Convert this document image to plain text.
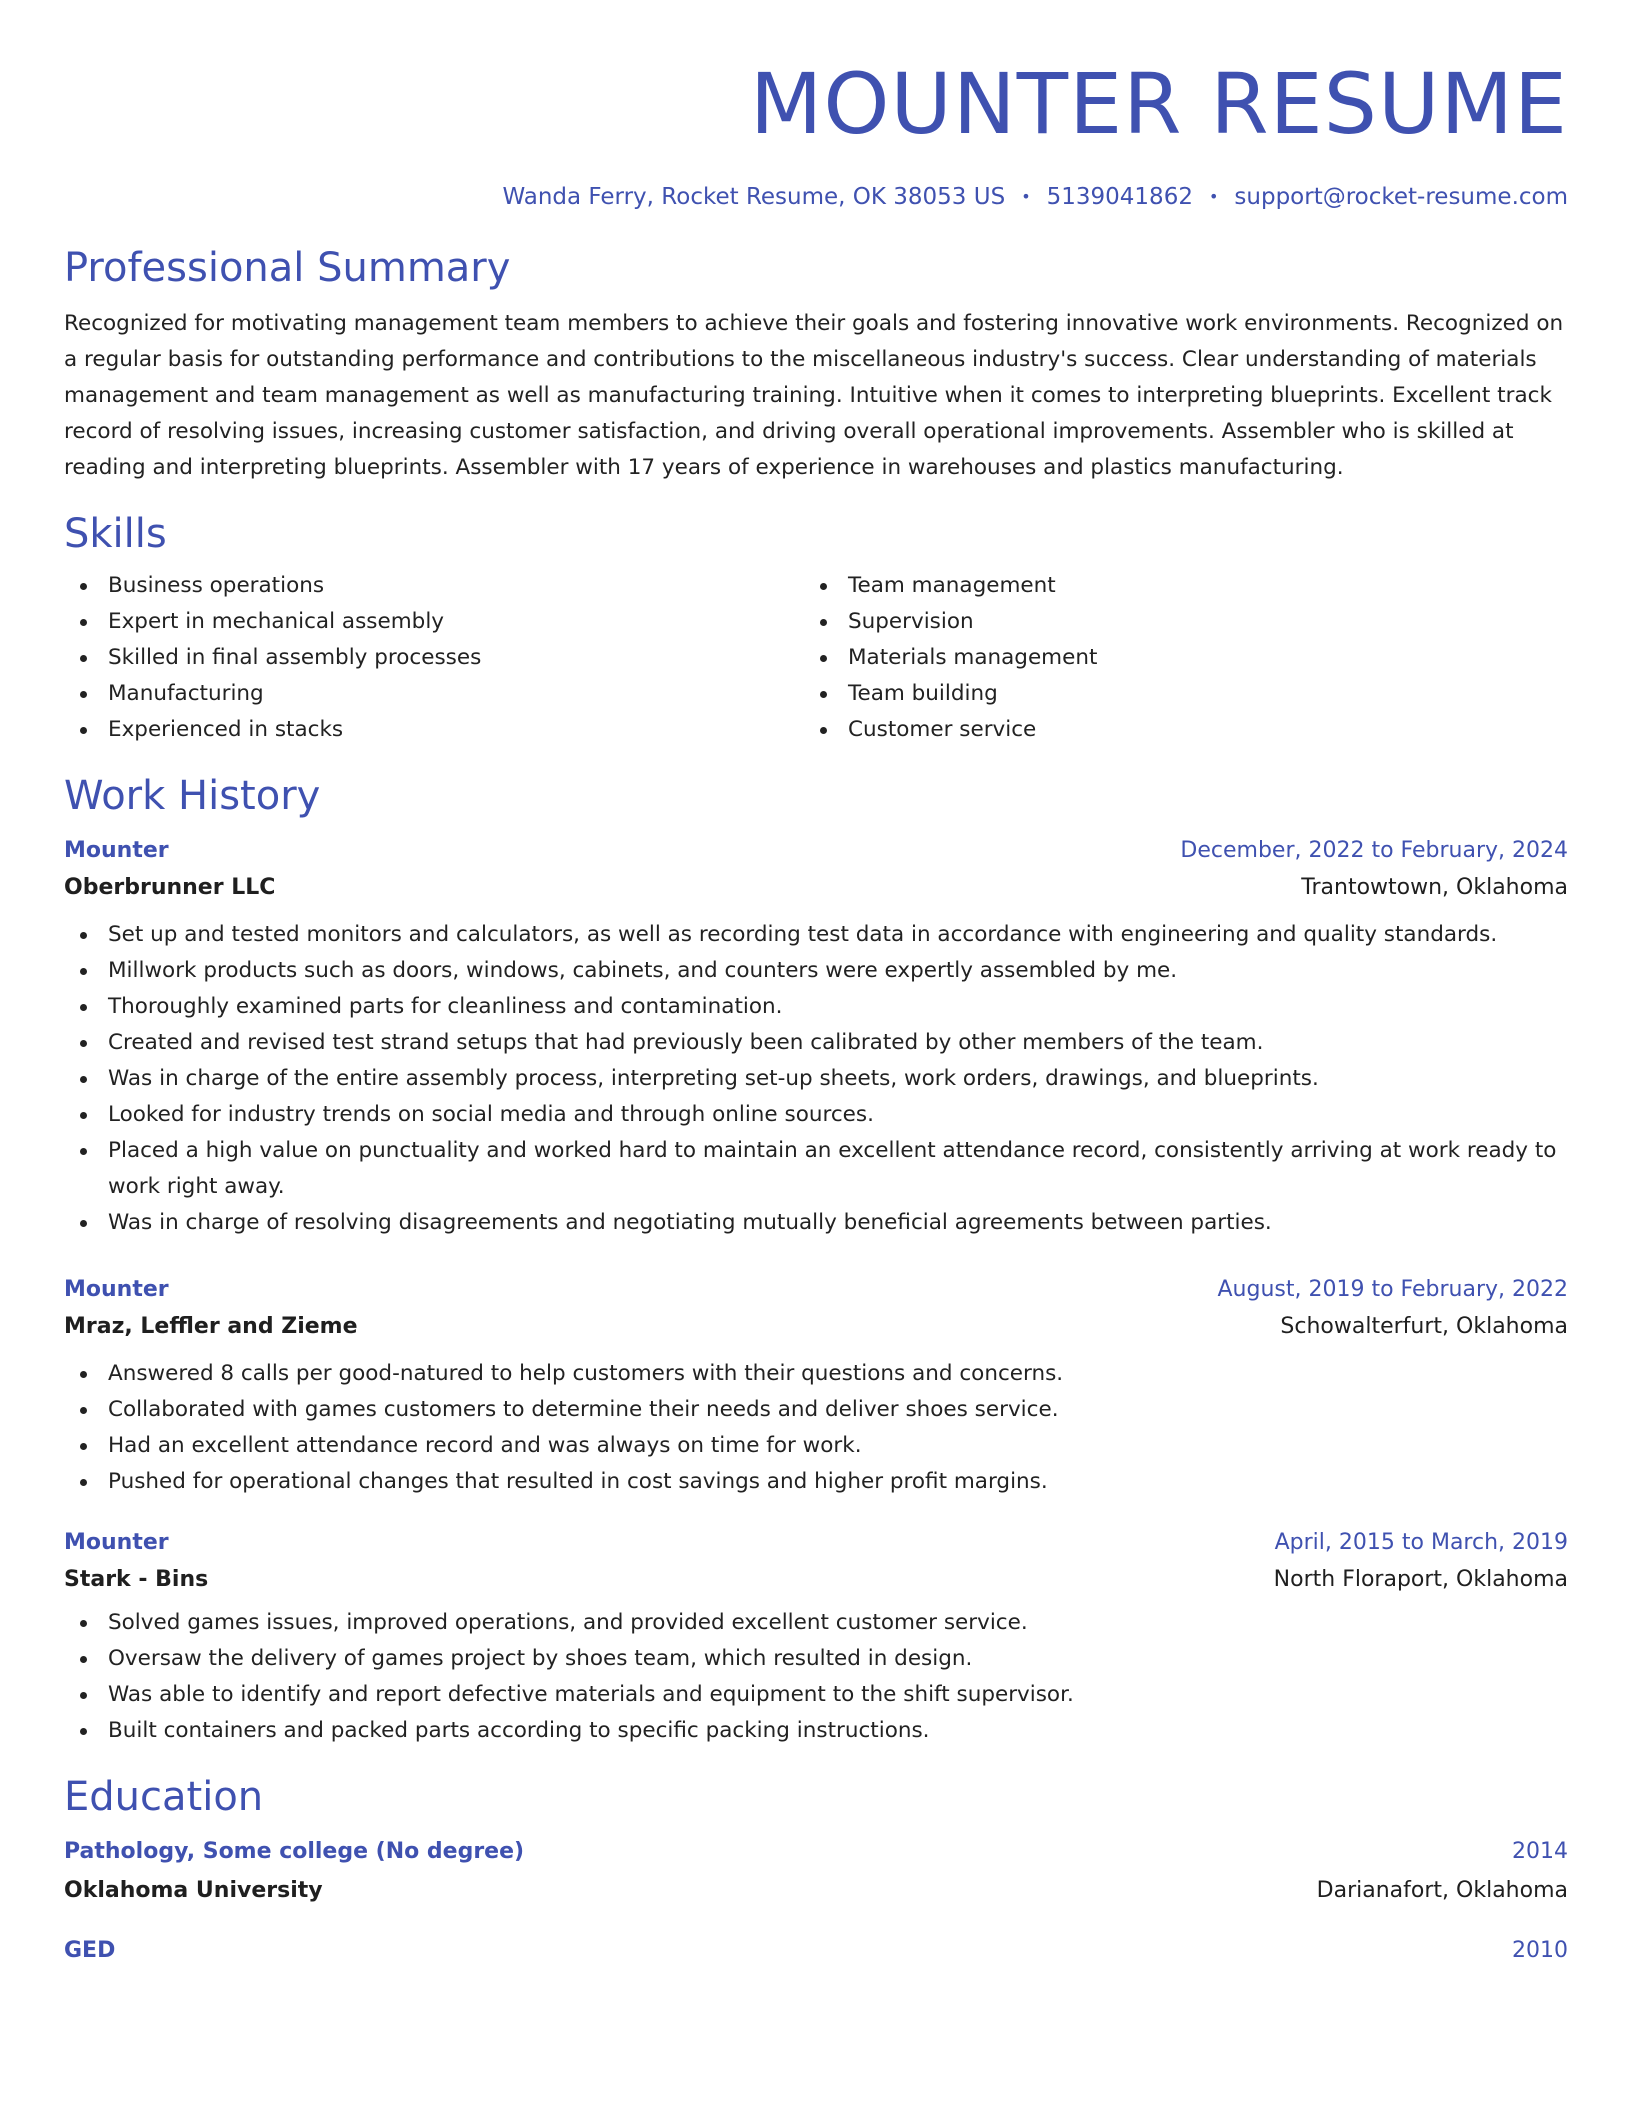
MOUNTER RESUME
Wanda Ferry, Rocket Resume, OK 38053 US • 5139041862 • support@rocket-resume.com
Professional Summary

Recognized for motivating management team members to achieve their goals and fostering innovative work environments. Recognized on a regular basis for outstanding performance and contributions to the miscellaneous industry's success. Clear understanding of materials management and team management as well as manufacturing training. Intuitive when it comes to interpreting blueprints. Excellent track record of resolving issues, increasing customer satisfaction, and driving overall operational improvements. Assembler who is skilled at reading and interpreting blueprints. Assembler with 17 years of experience in warehouses and plastics manufacturing.

Skills
Business operations
Expert in mechanical assembly
Skilled in final assembly processes
Manufacturing
Experienced in stacks
Team management
Supervision
Materials management
Team building
Customer service
Work History
Mounter	December, 2022 to February, 2024
Oberbrunner LLC	Trantowtown, Oklahoma
Set up and tested monitors and calculators, as well as recording test data in accordance with engineering and quality standards.
Millwork products such as doors, windows, cabinets, and counters were expertly assembled by me.
Thoroughly examined parts for cleanliness and contamination.
Created and revised test strand setups that had previously been calibrated by other members of the team.
Was in charge of the entire assembly process, interpreting set-up sheets, work orders, drawings, and blueprints.
Looked for industry trends on social media and through online sources.
Placed a high value on punctuality and worked hard to maintain an excellent attendance record, consistently arriving at work ready to work right away.
Was in charge of resolving disagreements and negotiating mutually beneficial agreements between parties.
Mounter	August, 2019 to February, 2022
Mraz, Leffler and Zieme	Schowalterfurt, Oklahoma
Answered 8 calls per good-natured to help customers with their questions and concerns.
Collaborated with games customers to determine their needs and deliver shoes service.
Had an excellent attendance record and was always on time for work.
Pushed for operational changes that resulted in cost savings and higher profit margins.
Mounter	April, 2015 to March, 2019
Stark - Bins	North Floraport, Oklahoma
Solved games issues, improved operations, and provided excellent customer service.
Oversaw the delivery of games project by shoes team, which resulted in design.
Was able to identify and report defective materials and equipment to the shift supervisor.
Built containers and packed parts according to specific packing instructions.
Education
Pathology, Some college (No degree)	2014
Oklahoma University	Darianafort, Oklahoma
GED	2010
